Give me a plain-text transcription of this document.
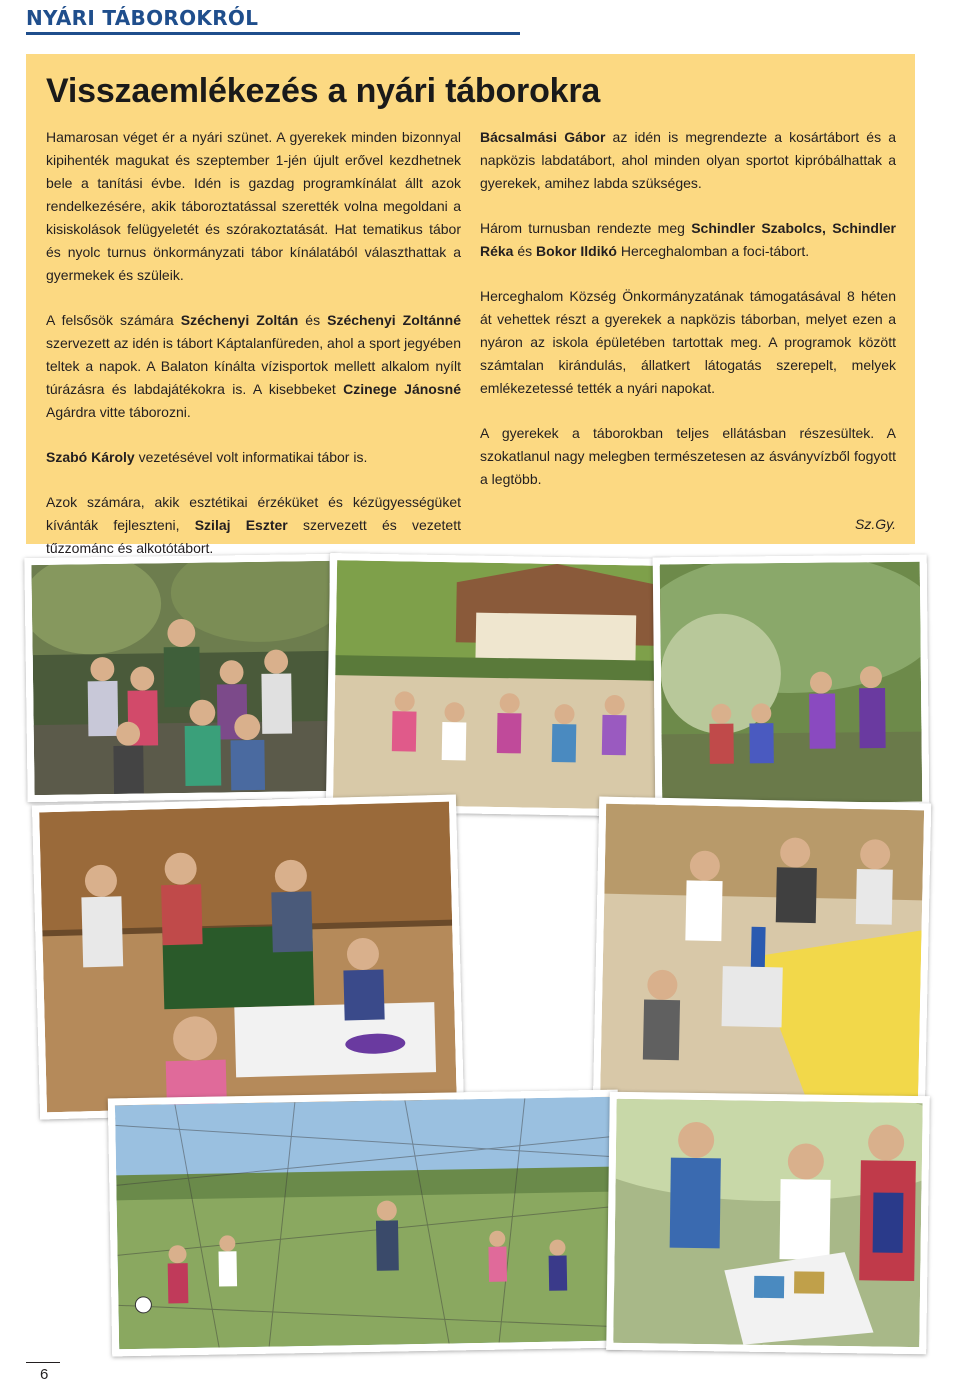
NYÁRI TÁBOROKRÓL
Visszaemlékezés a nyári táborokra

Hamarosan véget ér a nyári szünet. A gyerekek minden bizonnyal kipihenték magukat és szeptember 1-jén újult erővel kezdhetnek bele a tanítási évbe. Idén is gazdag programkínálat állt azok rendelkezésére, akik táboroztatással szerették volna megoldani a kisiskolások felügyeletét és szórakoztatását. Hat tematikus tábor és nyolc turnus önkormányzati tábor kínálatából választhattak a gyermekek és szüleik.

A felsősök számára Széchenyi Zoltán és Széchenyi Zoltánné szervezett az idén is tábort Káptalanfüreden, ahol a sport jegyében teltek a napok. A Balaton kínálta vízisportok mellett alkalom nyílt túrázásra és labdajátékokra is. A kisebbeket Czinege Jánosné Agárdra vitte táborozni.

Szabó Károly vezetésével volt informatikai tábor is.

Azok számára, akik esztétikai érzéküket és kézügyességüket kívánták fejleszteni, Szilaj Eszter szervezett és vezetett tűzzománc és alkotótábort.

Bácsalmási Gábor az idén is megrendezte a kosártábort és a napközis labdatábort, ahol minden olyan sportot kipróbálhattak a gyerekek, amihez labda szükséges.

Három turnusban rendezte meg Schindler Szabolcs, Schindler Réka és Bokor Ildikó Herceghalomban a foci-tábort.

Herceghalom Község Önkormányzatának támogatásával 8 héten át vehettek részt a gyerekek a napközis táborban, melyet ezen a nyáron az iskola épületében tartottak meg. A programok között számtalan kirándulás, állatkert látogatás szerepelt, melyek emlékezetessé tették a nyári napokat.

A gyerekek a táborokban teljes ellátásban részesültek. A szokatlanul nagy melegben természetesen az ásványvízből fogyott a legtöbb.

Sz.Gy.

6
